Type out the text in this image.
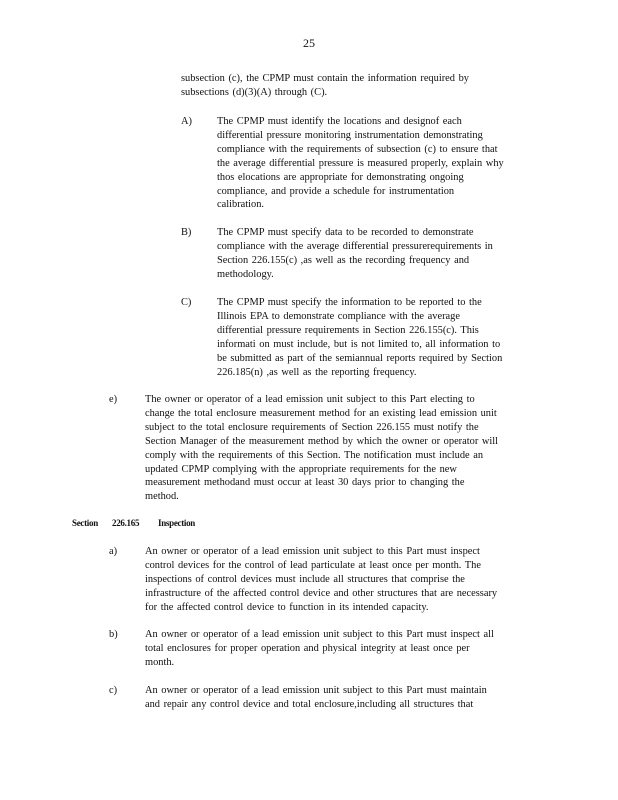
25
subsection (c), the CPMP must contain the information required by
subsections (d)(3)(A) through (C).
A) The CPMP must identify the locations and designof each
differential pressure monitoring instrumentation demonstrating
compliance with the requirements of subsection (c) to ensure that
the average differential pressure is measured properly, explain why
thos elocations are appropriate for demonstrating ongoing
compliance, and provide a schedule for instrumentation
calibration.
B) The CPMP must specify data to be recorded to demonstrate
compliance with the average differential pressurerequirements in
Section 226.155(c) ,as well as the recording frequency and
methodology.
C) The CPMP must specify the information to be reported to the
Illinois EPA to demonstrate compliance with the average
differential pressure requirements in Section 226.155(c). This
informati on must include, but is not limited to, all information to
be submitted as part of the semiannual reports required by Section
226.185(n) ,as well as the reporting frequency.
e)	The owner or operator of a lead emission unit subject to this Part electing to
change the total enclosure measurement method for an existing lead emission unit
subject to the total enclosure requirements of Section 226.155 must notify the
Section Manager of the measurement method by which the owner or operator will
comply with the requirements of this Section. The notification must include an
updated CPMP complying with the appropriate requirements for the new
measurement methodand must occur at least 30 days prior to changing the
method.
Section 226.165 Inspection
a)	An owner or operator of a lead emission unit subject to this Part must inspect
control devices for the control of lead particulate at least once per month. The
inspections of control devices must include all structures that comprise the
infrastructure of the affected control device and other structures that are necessary
for the affected control device to function in its intended capacity.
b)	An owner or operator of a lead emission unit subject to this Part must inspect all
total enclosures for proper operation and physical integrity at least once per
month.
c)	An owner or operator of a lead emission unit subject to this Part must maintain
and repair any control device and total enclosure,including all structures that
